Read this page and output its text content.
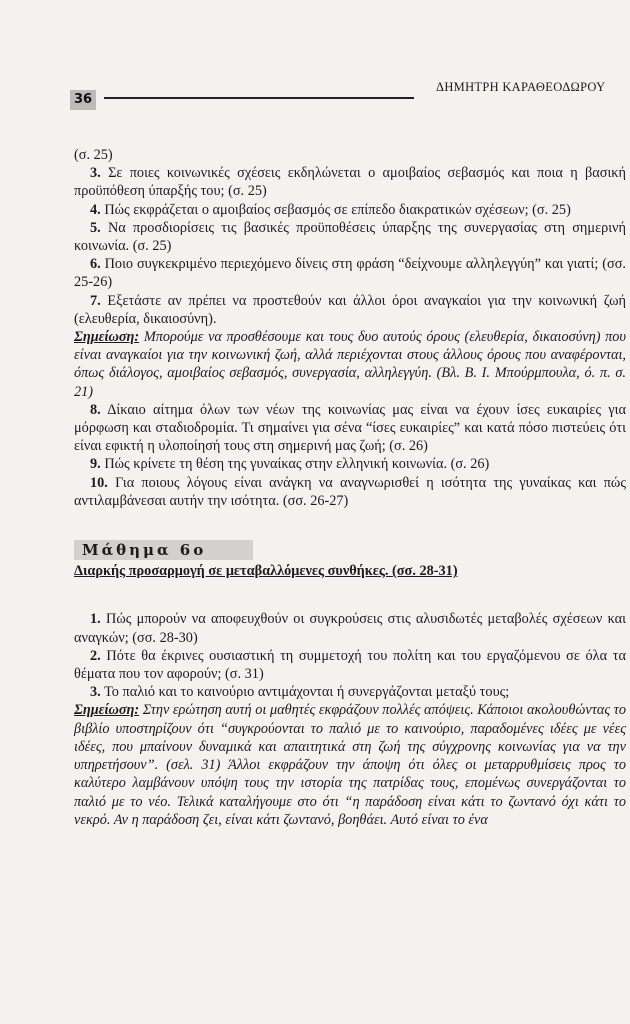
36
ΔΗΜΗΤΡΗ ΚΑΡΑΘΕΟΔΩΡΟΥ

(σ. 25)

3. Σε ποιες κοινωνικές σχέσεις εκδηλώνεται ο αμοιβαίος σεβασμός και ποια η βασική προϋπόθεση ύπαρξής του; (σ. 25)

4. Πώς εκφράζεται ο αμοιβαίος σεβασμός σε επίπεδο διακρατικών σχέσεων; (σ. 25)

5. Να προσδιορίσεις τις βασικές προϋποθέσεις ύπαρξης της συνεργασίας στη σημερινή κοινωνία. (σ. 25)

6. Ποιο συγκεκριμένο περιεχόμενο δίνεις στη φράση “δείχνουμε αλληλεγγύη” και γιατί; (σσ. 25-26)

7. Εξετάστε αν πρέπει να προστεθούν και άλλοι όροι αναγκαίοι για την κοινωνική ζωή (ελευθερία, δικαιοσύνη).

Σημείωση: Μπορούμε να προσθέσουμε και τους δυο αυτούς όρους (ελευθερία, δικαιοσύνη) που είναι αναγκαίοι για την κοινωνική ζωή, αλλά περιέχονται στους άλλους όρους που αναφέρονται, όπως διάλογος, αμοιβαίος σεβασμός, συνεργασία, αλληλεγγύη. (Βλ. Β. Ι. Μπούρμπουλα, ό. π. σ. 21)

8. Δίκαιο αίτημα όλων των νέων της κοινωνίας μας είναι να έχουν ίσες ευκαιρίες για μόρφωση και σταδιοδρομία. Τι σημαίνει για σένα “ίσες ευκαιρίες” και κατά πόσο πιστεύεις ότι είναι εφικτή η υλοποίησή τους στη σημερινή μας ζωή; (σ. 26)

9. Πώς κρίνετε τη θέση της γυναίκας στην ελληνική κοινωνία. (σ. 26)

10. Για ποιους λόγους είναι ανάγκη να αναγνωρισθεί η ισότητα της γυναίκας και πώς αντιλαμβάνεσαι αυτήν την ισότητα. (σσ. 26-27)

Μάθημα 6ο
Διαρκής προσαρμογή σε μεταβαλλόμενες συνθήκες. (σσ. 28-31)

1. Πώς μπορούν να αποφευχθούν οι συγκρούσεις στις αλυσιδωτές μεταβολές σχέσεων και αναγκών; (σσ. 28-30)

2. Πότε θα έκρινες ουσιαστική τη συμμετοχή του πολίτη και του εργαζόμενου σε όλα τα θέματα που τον αφορούν; (σ. 31)

3. Το παλιό και το καινούριο αντιμάχονται ή συνεργάζονται μεταξύ τους;

Σημείωση: Στην ερώτηση αυτή οι μαθητές εκφράζουν πολλές απόψεις. Κάποιοι ακολουθώντας το βιβλίο υποστηρίζουν ότι “συγκρούονται το παλιό με το καινούριο, παραδομένες ιδέες με νέες ιδέες, που μπαίνουν δυναμικά και απαιτητικά στη ζωή της σύγχρονης κοινωνίας για να την υπηρετήσουν”. (σελ. 31) Άλλοι εκφράζουν την άποψη ότι όλες οι μεταρρυθμίσεις προς το καλύτερο λαμβάνουν υπόψη τους την ιστορία της πατρίδας τους, επομένως συνεργάζονται το παλιό με το νέο. Τελικά καταλήγουμε στο ότι “η παράδοση είναι κάτι το ζωντανό όχι κάτι το νεκρό. Αν η παράδοση ζει, είναι κάτι ζωντανό, βοηθάει. Αυτό είναι το ένα
